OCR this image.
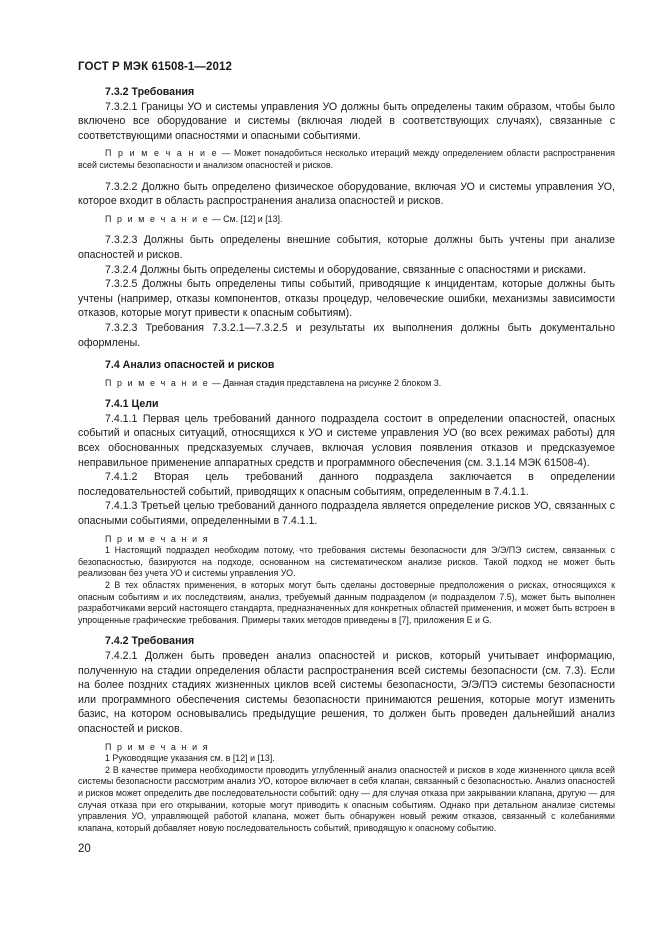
ГОСТ Р МЭК 61508-1—2012

7.3.2 Требования

7.3.2.1 Границы УО и системы управления УО должны быть определены таким образом, чтобы было включено все оборудование и системы (включая людей в соответствующих случаях), связанные с соответствующими опасностями и опасными событиями.

П р и м е ч а н и е — Может понадобиться несколько итераций между определением области распространения всей системы безопасности и анализом опасностей и рисков.

7.3.2.2 Должно быть определено физическое оборудование, включая УО и системы управления УО, которое входит в область распространения анализа опасностей и рисков.

П р и м е ч а н и е — См. [12] и [13].

7.3.2.3 Должны быть определены внешние события, которые должны быть учтены при анализе опасностей и рисков.

7.3.2.4 Должны быть определены системы и оборудование, связанные с опасностями и рисками.

7.3.2.5 Должны быть определены типы событий, приводящие к инцидентам, которые должны быть учтены (например, отказы компонентов, отказы процедур, человеческие ошибки, механизмы зависимости отказов, которые могут привести к опасным событиям).

7.3.2.3 Требования 7.3.2.1—7.3.2.5 и результаты их выполнения должны быть документально оформлены.

7.4 Анализ опасностей и рисков

П р и м е ч а н и е — Данная стадия представлена на рисунке 2 блоком 3.

7.4.1 Цели

7.4.1.1 Первая цель требований данного подраздела состоит в определении опасностей, опасных событий и опасных ситуаций, относящихся к УО и системе управления УО (во всех режимах работы) для всех обоснованных предсказуемых случаев, включая условия появления отказов и предсказуемое неправильное применение аппаратных средств и программного обеспечения (см. 3.1.14 МЭК 61508-4).

7.4.1.2 Вторая цель требований данного подраздела заключается в определении последовательностей событий, приводящих к опасным событиям, определенным в 7.4.1.1.

7.4.1.3 Третьей целью требований данного подраздела является определение рисков УО, связанных с опасными событиями, определенными в 7.4.1.1.

П р и м е ч а н и я

1 Настоящий подраздел необходим потому, что требования системы безопасности для Э/Э/ПЭ систем, связанных с безопасностью, базируются на подходе, основанном на систематическом анализе рисков. Такой подход не может быть реализован без учета УО и системы управления УО.

2 В тех областях применения, в которых могут быть сделаны достоверные предположения о рисках, относящихся к опасным событиям и их последствиям, анализ, требуемый данным подразделом (и подразделом 7.5), может быть выполнен разработчиками версий настоящего стандарта, предназначенных для конкретных областей применения, и может быть встроен в упрощенные графические требования. Примеры таких методов приведены в [7], приложения E и G.

7.4.2 Требования

7.4.2.1 Должен быть проведен анализ опасностей и рисков, который учитывает информацию, полученную на стадии определения области распространения всей системы безопасности (см. 7.3). Если на более поздних стадиях жизненных циклов всей системы безопасности, Э/Э/ПЭ системы безопасности или программного обеспечения системы безопасности принимаются решения, которые могут изменить базис, на котором основывались предыдущие решения, то должен быть проведен дальнейший анализ опасностей и рисков.

П р и м е ч а н и я

1 Руководящие указания см. в [12] и [13].

2 В качестве примера необходимости проводить углубленный анализ опасностей и рисков в ходе жизненного цикла всей системы безопасности рассмотрим анализ УО, которое включает в себя клапан, связанный с безопасностью. Анализ опасностей и рисков может определить две последовательности событий: одну — для случая отказа при закрывании клапана, другую — для случая отказа при его открывании, которые могут приводить к опасным событиям. Однако при детальном анализе системы управления УО, управляющей работой клапана, может быть обнаружен новый режим отказов, связанный с колебаниями клапана, который добавляет новую последовательность событий, приводящую к опасному событию.

20
